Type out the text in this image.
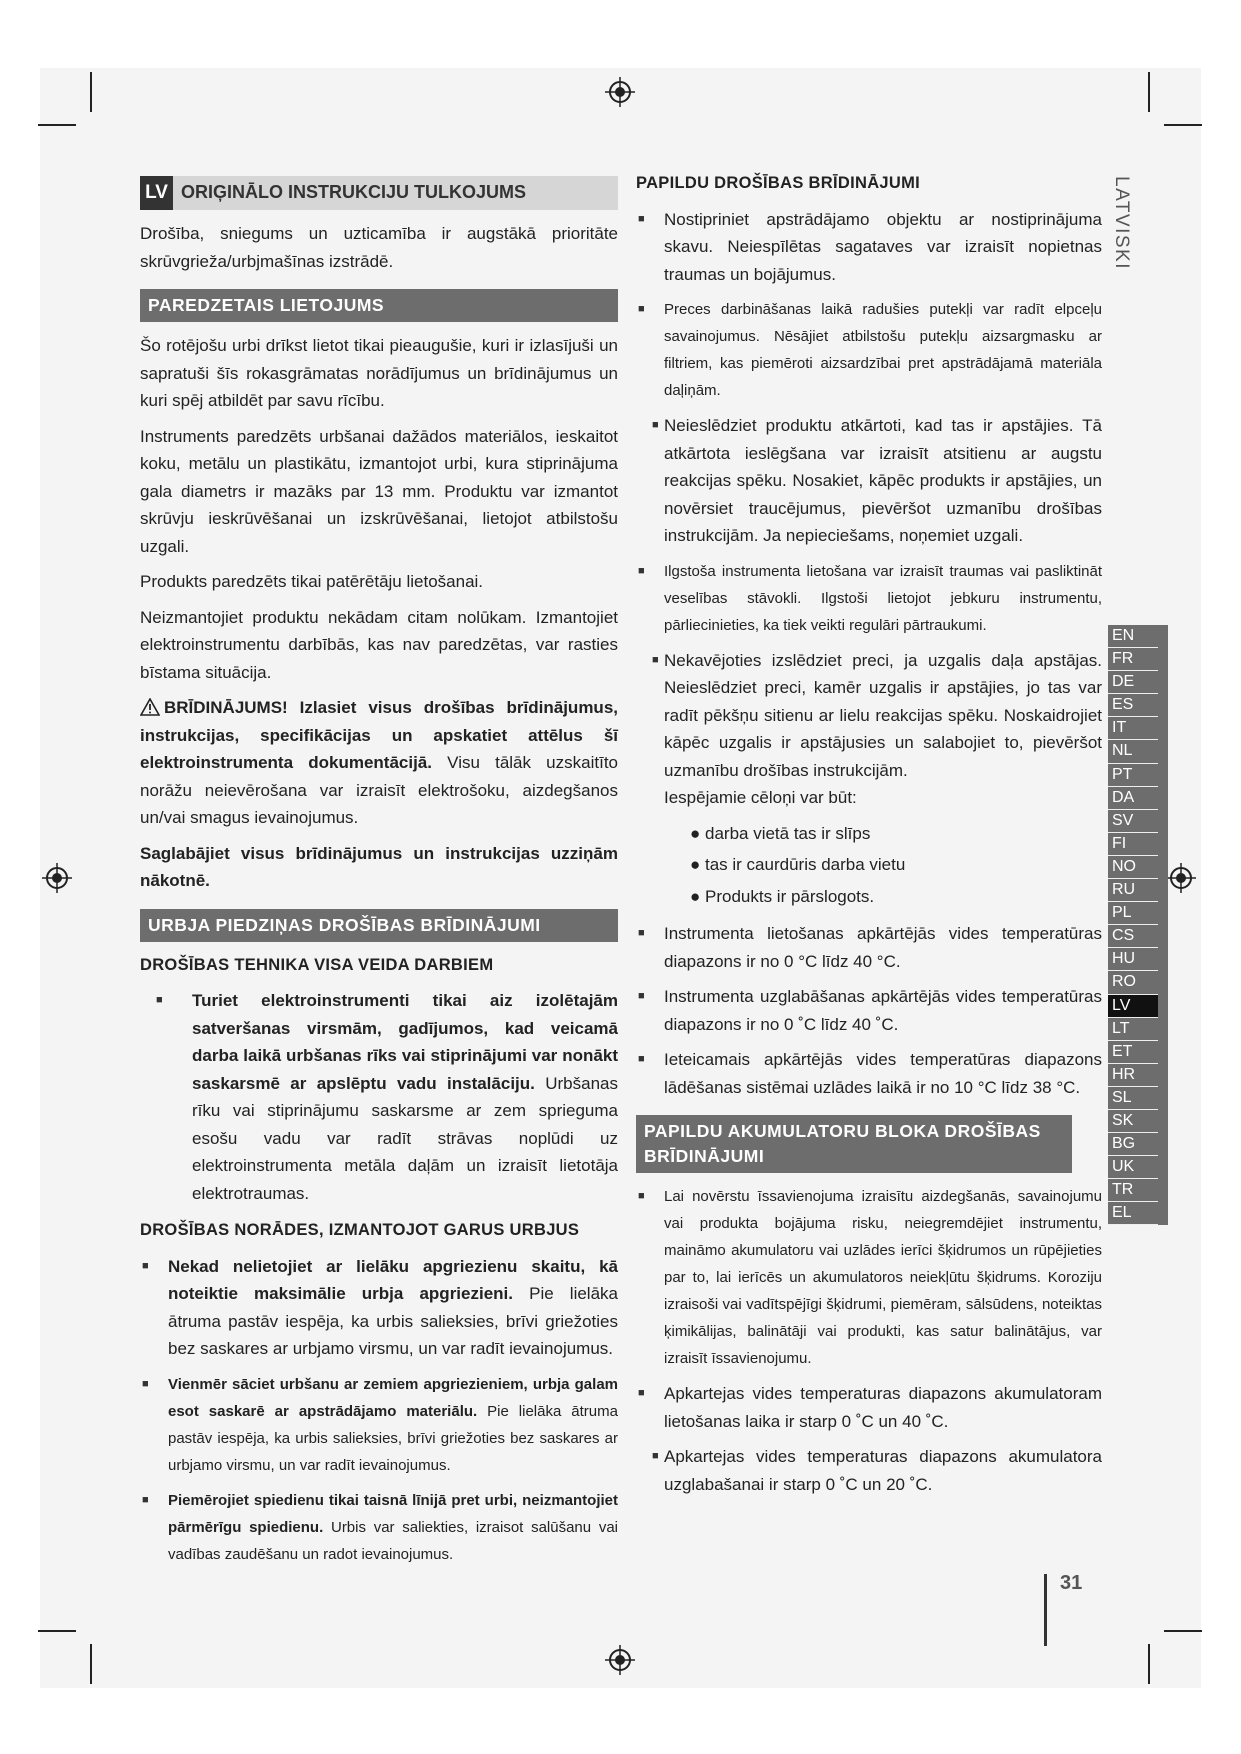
LV ORIĢINĀLO INSTRUKCIJU TULKOJUMS

Drošība, sniegums un uzticamība ir augstākā prioritāte skrūvgrieža/urbjmašīnas izstrādē.

PAREDZETAIS LIETOJUMS

Šo rotējošu urbi drīkst lietot tikai pieaugušie, kuri ir izlasījuši un sapratuši šīs rokasgrāmatas norādījumus un brīdinājumus un kuri spēj atbildēt par savu rīcību.

Instruments paredzēts urbšanai dažādos materiālos, ieskaitot koku, metālu un plastikātu, izmantojot urbi, kura stiprinājuma gala diametrs ir mazāks par 13 mm. Produktu var izmantot skrūvju ieskrūvēšanai un izskrūvēšanai, lietojot atbilstošu uzgali.

Produkts paredzēts tikai patērētāju lietošanai.

Neizmantojiet produktu nekādam citam nolūkam. Izmantojiet elektroinstrumentu darbībās, kas nav paredzētas, var rasties bīstama situācija.

BRĪDINĀJUMS! Izlasiet visus drošības brīdinājumus, instrukcijas, specifikācijas un apskatiet attēlus šī elektroinstrumenta dokumentācijā. Visu tālāk uzskaitīto norāžu neievērošana var izraisīt elektrošoku, aizdegšanos un/vai smagus ievainojumus.

Saglabājiet visus brīdinājumus un instrukcijas uzziņām nākotnē.

URBJA PIEDZIŅAS DROŠĪBAS BRĪDINĀJUMI
DROŠĪBAS TEHNIKA VISA VEIDA DARBIEM
■ Turiet elektroinstrumenti tikai aiz izolētajām satveršanas virsmām, gadījumos, kad veicamā darba laikā urbšanas rīks vai stiprinājumi var nonākt saskarsmē ar apslēptu vadu instalāciju. Urbšanas rīku vai stiprinājumu saskarsme ar zem sprieguma esošu vadu var radīt strāvas noplūdi uz elektroinstrumenta metāla daļām un izraisīt lietotāja elektrotraumas.
DROŠĪBAS NORĀDES, IZMANTOJOT GARUS URBJUS
■ Nekad nelietojiet ar lielāku apgriezienu skaitu, kā noteiktie maksimālie urbja apgriezieni. Pie lielāka ātruma pastāv iespēja, ka urbis salieksies, brīvi griežoties bez saskares ar urbjamo virsmu, un var radīt ievainojumus.
■ Vienmēr sāciet urbšanu ar zemiem apgriezieniem, urbja galam esot saskarē ar apstrādājamo materiālu. Pie lielāka ātruma pastāv iespēja, ka urbis salieksies, brīvi griežoties bez saskares ar urbjamo virsmu, un var radīt ievainojumus.
■ Piemērojiet spiedienu tikai taisnā līnijā pret urbi, neizmantojiet pārmērīgu spiedienu. Urbis var saliekties, izraisot salūšanu vai vadības zaudēšanu un radot ievainojumus.
PAPILDU DROŠĪBAS BRĪDINĀJUMI
■ Nostipriniet apstrādājamo objektu ar nostiprinājuma skavu. Neiespīlētas sagataves var izraisīt nopietnas traumas un bojājumus.
■ Preces darbināšanas laikā radušies putekļi var radīt elpceļu savainojumus. Nēsājiet atbilstošu putekļu aizsargmasku ar filtriem, kas piemēroti aizsardzībai pret apstrādājamā materiāla daļiņām.
■ Neieslēdziet produktu atkārtoti, kad tas ir apstājies. Tā atkārtota ieslēgšana var izraisīt atsitienu ar augstu reakcijas spēku. Nosakiet, kāpēc produkts ir apstājies, un novērsiet traucējumus, pievēršot uzmanību drošības instrukcijām. Ja nepieciešams, noņemiet uzgali.
■ Ilgstoša instrumenta lietošana var izraisīt traumas vai pasliktināt veselības stāvokli. Ilgstoši lietojot jebkuru instrumentu, pārliecinieties, ka tiek veikti regulāri pārtraukumi.
■ Nekavējoties izslēdziet preci, ja uzgalis daļa apstājas. Neieslēdziet preci, kamēr uzgalis ir apstājies, jo tas var radīt pēkšņu sitienu ar lielu reakcijas spēku. Noskaidrojiet kāpēc uzgalis ir apstājusies un salabojiet to, pievēršot uzmanību drošības instrukcijām.
Iespējamie cēloņi var būt:
● darba vietā tas ir slīps
● tas ir caurdūris darba vietu
● Produkts ir pārslogots.
■ Instrumenta lietošanas apkārtējās vides temperatūras diapazons ir no 0 °C līdz 40 °C.
■ Instrumenta uzglabāšanas apkārtējās vides temperatūras diapazons ir no 0 ˚C līdz 40 ˚C.
■ Ieteicamais apkārtējās vides temperatūras diapazons lādēšanas sistēmai uzlādes laikā ir no 10 °C līdz 38 °C.
PAPILDU AKUMULATORU BLOKA DROŠĪBAS BRĪDINĀJUMI
■ Lai novērstu īssavienojuma izraisītu aizdegšanās, savainojumu vai produkta bojājuma risku, neiegremdējiet instrumentu, maināmo akumulatoru vai uzlādes ierīci šķidrumos un rūpējieties par to, lai ierīcēs un akumulatoros neiekļūtu šķidrums. Koroziju izraisoši vai vadītspējīgi šķidrumi, piemēram, sālsūdens, noteiktas ķimikālijas, balinātāji vai produkti, kas satur balinātājus, var izraisīt īssavienojumu.
■ Apkartejas vides temperaturas diapazons akumulatoram lietošanas laika ir starp 0 ˚C un 40 ˚C.
■ Apkartejas vides temperaturas diapazons akumulatora uzglabašanai ir starp 0 ˚C un 20 ˚C.
LATVISKI
EN
FR
DE
ES
IT
NL
PT
DA
SV
FI
NO
RU
PL
CS
HU
RO
LV
LT
ET
HR
SL
SK
BG
UK
TR
EL
31
